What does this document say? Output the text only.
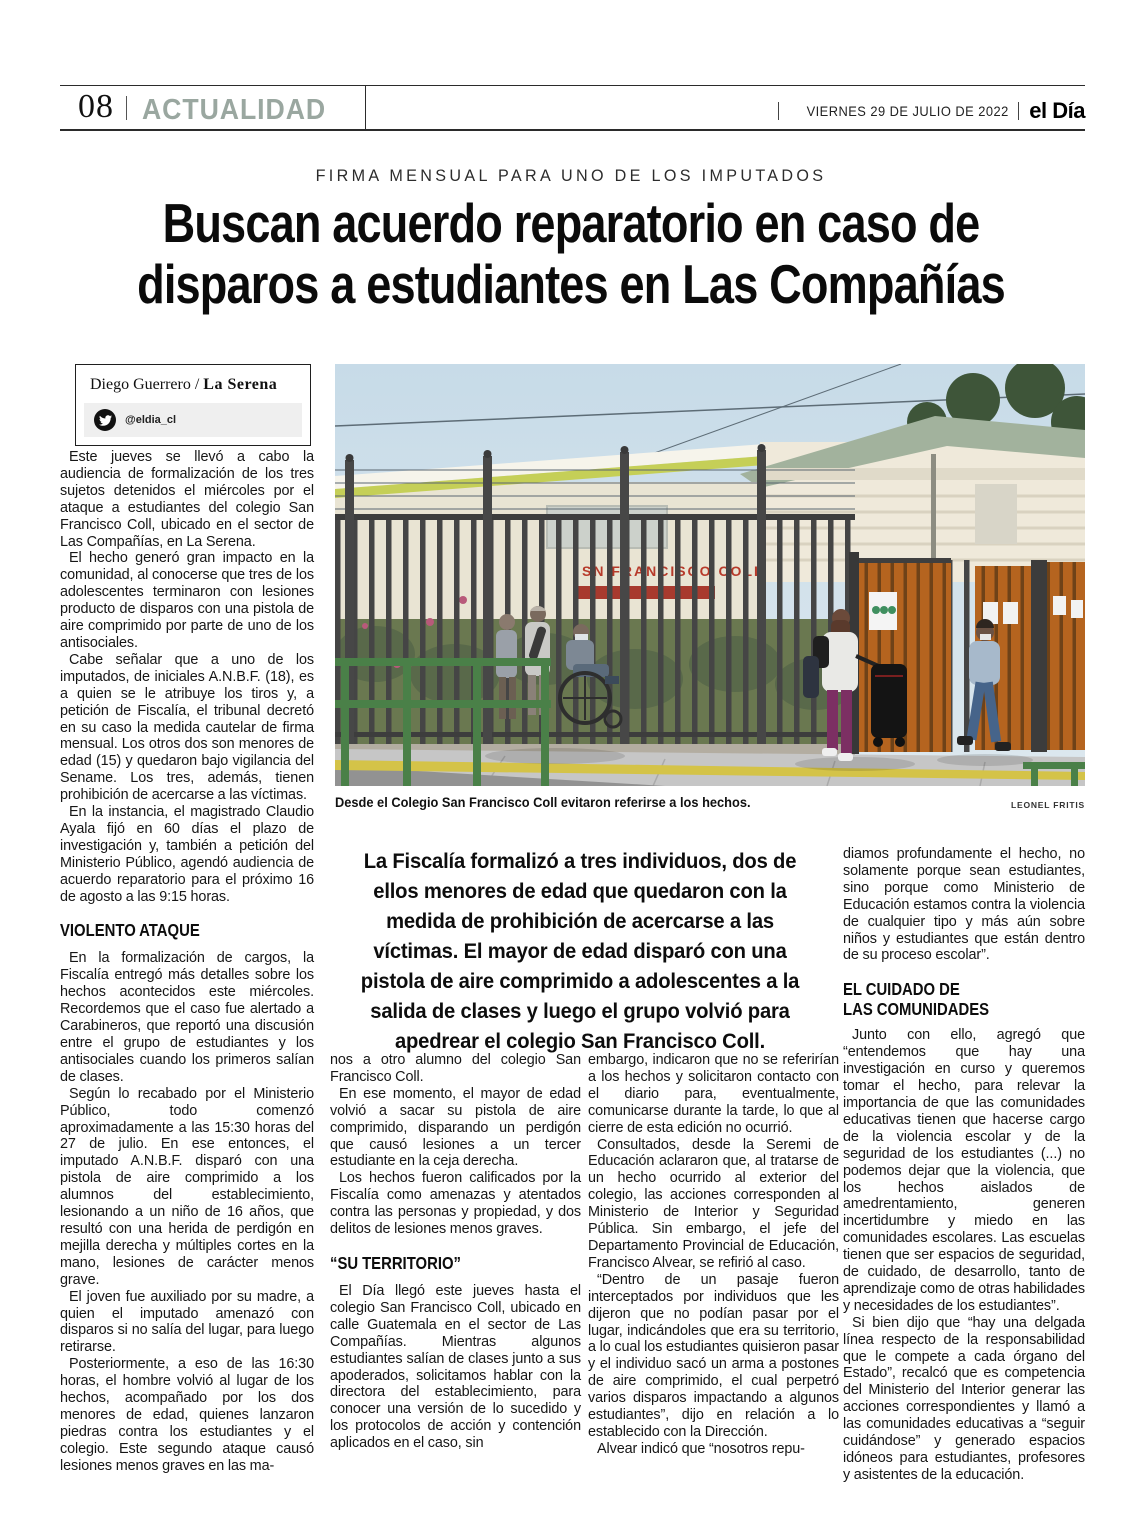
08 ACTUALIDAD	VIERNES 29 DE JULIO DE 2022 el Día
FIRMA MENSUAL PARA UNO DE LOS IMPUTADOS
Buscan acuerdo reparatorio en caso de
disparos a estudiantes en Las Compañías
Diego Guerrero / La Serena
@eldia_cl
Desde el Colegio San Francisco Coll evitaron referirse a los hechos.	LEONEL FRITIS
La Fiscalía formalizó a tres individuos, dos de ellos menores de edad que quedaron con la medida de prohibición de acercarse a las víctimas. El mayor de edad disparó con una pistola de aire comprimido a adolescentes a la salida de clases y luego el grupo volvió para apedrear el colegio San Francisco Coll.

Este jueves se llevó a cabo la audiencia de formalización de los tres sujetos detenidos el miércoles por el ataque a estudiantes del colegio San Francisco Coll, ubicado en el sector de Las Compañías, en La Serena.

El hecho generó gran impacto en la comunidad, al conocerse que tres de los adolescentes terminaron con lesiones producto de disparos con una pistola de aire comprimido por parte de uno de los antisociales.

Cabe señalar que a uno de los imputados, de iniciales A.N.B.F. (18), es a quien se le atribuye los tiros y, a petición de Fiscalía, el tribunal decretó en su caso la medida cautelar de firma mensual. Los otros dos son menores de edad (15) y quedaron bajo vigilancia del Sename. Los tres, además, tienen prohibición de acercarse a las víctimas.

En la instancia, el magistrado Claudio Ayala fijó en 60 días el plazo de investigación y, también a petición del Ministerio Público, agendó audiencia de acuerdo reparatorio para el próximo 16 de agosto a las 9:15 horas.

VIOLENTO ATAQUE

En la formalización de cargos, la Fiscalía entregó más detalles sobre los hechos acontecidos este miércoles. Recordemos que el caso fue alertado a Carabineros, que reportó una discusión entre el grupo de estudiantes y los antisociales cuando los primeros salían de clases.

Según lo recabado por el Ministerio Público, todo comenzó aproximadamente a las 15:30 horas del 27 de julio. En ese entonces, el imputado A.N.B.F. disparó con una pistola de aire comprimido a los alumnos del establecimiento, lesionando a un niño de 16 años, que resultó con una herida de perdigón en mejilla derecha y múltiples cortes en la mano, lesiones de carácter menos grave.

El joven fue auxiliado por su madre, a quien el imputado amenazó con disparos si no salía del lugar, para luego retirarse.

Posteriormente, a eso de las 16:30 horas, el hombre volvió al lugar de los hechos, acompañado por los dos menores de edad, quienes lanzaron piedras contra los estudiantes y el colegio. Este segundo ataque causó lesiones menos graves en las ma-

nos a otro alumno del colegio San Francisco Coll.

En ese momento, el mayor de edad volvió a sacar su pistola de aire comprimido, disparando un perdigón que causó lesiones a un tercer estudiante en la ceja derecha.

Los hechos fueron calificados por la Fiscalía como amenazas y atentados contra las personas y propiedad, y dos delitos de lesiones menos graves.

“SU TERRITORIO”

El Día llegó este jueves hasta el colegio San Francisco Coll, ubicado en calle Guatemala en el sector de Las Compañías. Mientras algunos estudiantes salían de clases junto a sus apoderados, solicitamos hablar con la directora del establecimiento, para conocer una versión de lo sucedido y los protocolos de acción y contención aplicados en el caso, sin

embargo, indicaron que no se referirían a los hechos y solicitaron contacto con el diario para, eventualmente, comunicarse durante la tarde, lo que al cierre de esta edición no ocurrió.

Consultados, desde la Seremi de Educación aclararon que, al tratarse de un hecho ocurrido al exterior del colegio, las acciones corresponden al Ministerio de Interior y Seguridad Pública. Sin embargo, el jefe del Departamento Provincial de Educación, Francisco Alvear, se refirió al caso.

“Dentro de un pasaje fueron interceptados por individuos que les dijeron que no podían pasar por el lugar, indicándoles que era su territorio, a lo cual los estudiantes quisieron pasar y el individuo sacó un arma a postones de aire comprimido, el cual perpetró varios disparos impactando a algunos estudiantes”, dijo en relación a lo establecido con la Dirección.

Alvear indicó que “nosotros repu-

diamos profundamente el hecho, no solamente porque sean estudiantes, sino porque como Ministerio de Educación estamos contra la violencia de cualquier tipo y más aún sobre niños y estudiantes que están dentro de su proceso escolar”.

EL CUIDADO DE
LAS COMUNIDADES

Junto con ello, agregó que “entendemos que hay una investigación en curso y queremos tomar el hecho, para relevar la importancia de que las comunidades educativas tienen que hacerse cargo de la violencia escolar y de la seguridad de los estudiantes (...) no podemos dejar que la violencia, que los hechos aislados de amedrentamiento, generen incertidumbre y miedo en las comunidades escolares. Las escuelas tienen que ser espacios de seguridad, de cuidado, de desarrollo, tanto de aprendizaje como de otras habilidades y necesidades de los estudiantes”.

Si bien dijo que “hay una delgada línea respecto de la responsabilidad que le compete a cada órgano del Estado”, recalcó que es competencia del Ministerio del Interior generar las acciones correspondientes y llamó a las comunidades educativas a “seguir cuidándose” y generado espacios idóneos para estudiantes, profesores y asistentes de la educación.
